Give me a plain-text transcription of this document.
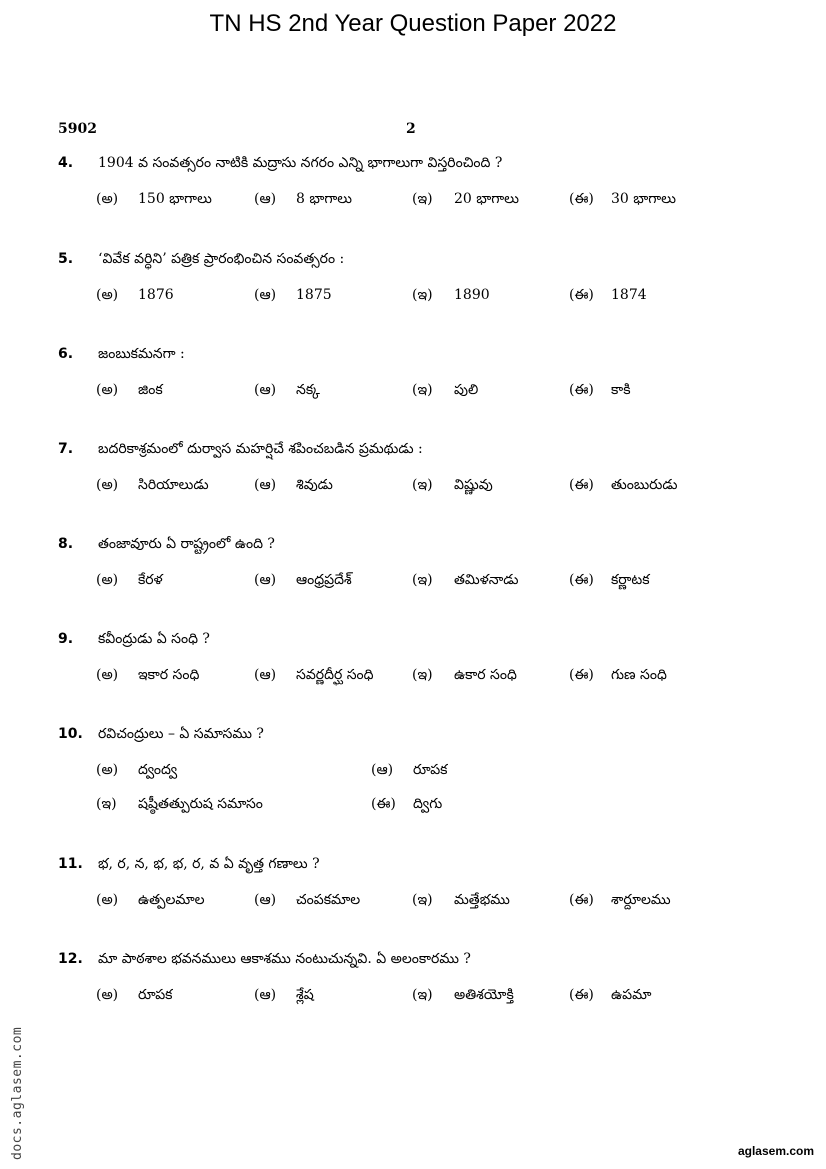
TN HS 2nd Year Question Paper 2022
5902	2
4. 1904 వ సంవత్సరం నాటికి మద్రాసు నగరం ఎన్ని భాగాలుగా విస్తరించింది ?
(అ) 150 భాగాలు	(ఆ) 8 భాగాలు	(ఇ) 20 భాగాలు	(ఈ) 30 భాగాలు
5. ‘వివేక వర్ధిని’ పత్రిక ప్రారంభించిన సంవత్సరం :
(అ) 1876	(ఆ) 1875	(ఇ) 1890	(ఈ) 1874
6. జంబుకమనగా :
(అ) జింక	(ఆ) నక్క	(ఇ) పులి	(ఈ) కాకి
7. బదరికాశ్రమంలో దుర్వాస మహర్షిచే శపించబడిన ప్రమథుడు :
(అ) సిరియాలుడు	(ఆ) శివుడు	(ఇ) విష్ణువు	(ఈ) తుంబురుడు
8. తంజావూరు ఏ రాష్ట్రంలో ఉంది ?
(అ) కేరళ	(ఆ) ఆంధ్రప్రదేశ్	(ఇ) తమిళనాడు	(ఈ) కర్ణాటక
9. కవీంద్రుడు ఏ సంధి ?
(అ) ఇకార సంధి	(ఆ) సవర్ణదీర్ఘ సంధి	(ఇ) ఉకార సంధి	(ఈ) గుణ సంధి
10. రవిచంద్రులు – ఏ సమాసము ?
(అ) ద్వంద్వ	(ఆ) రూపక
(ఇ) షష్ఠీతత్పురుష సమాసం	(ఈ) ద్విగు
11. భ, ర, న, భ, భ, ర, వ ఏ వృత్త గణాలు ?
(అ) ఉత్పలమాల	(ఆ) చంపకమాల	(ఇ) మత్తేభము	(ఈ) శార్దూలము
12. మా పాఠశాల భవనములు ఆకాశము నంటుచున్నవి. ఏ అలంకారము ?
(అ) రూపక	(ఆ) శ్లేష	(ఇ) అతిశయోక్తి	(ఈ) ఉపమా
docs.aglasem.com	aglasem.com
